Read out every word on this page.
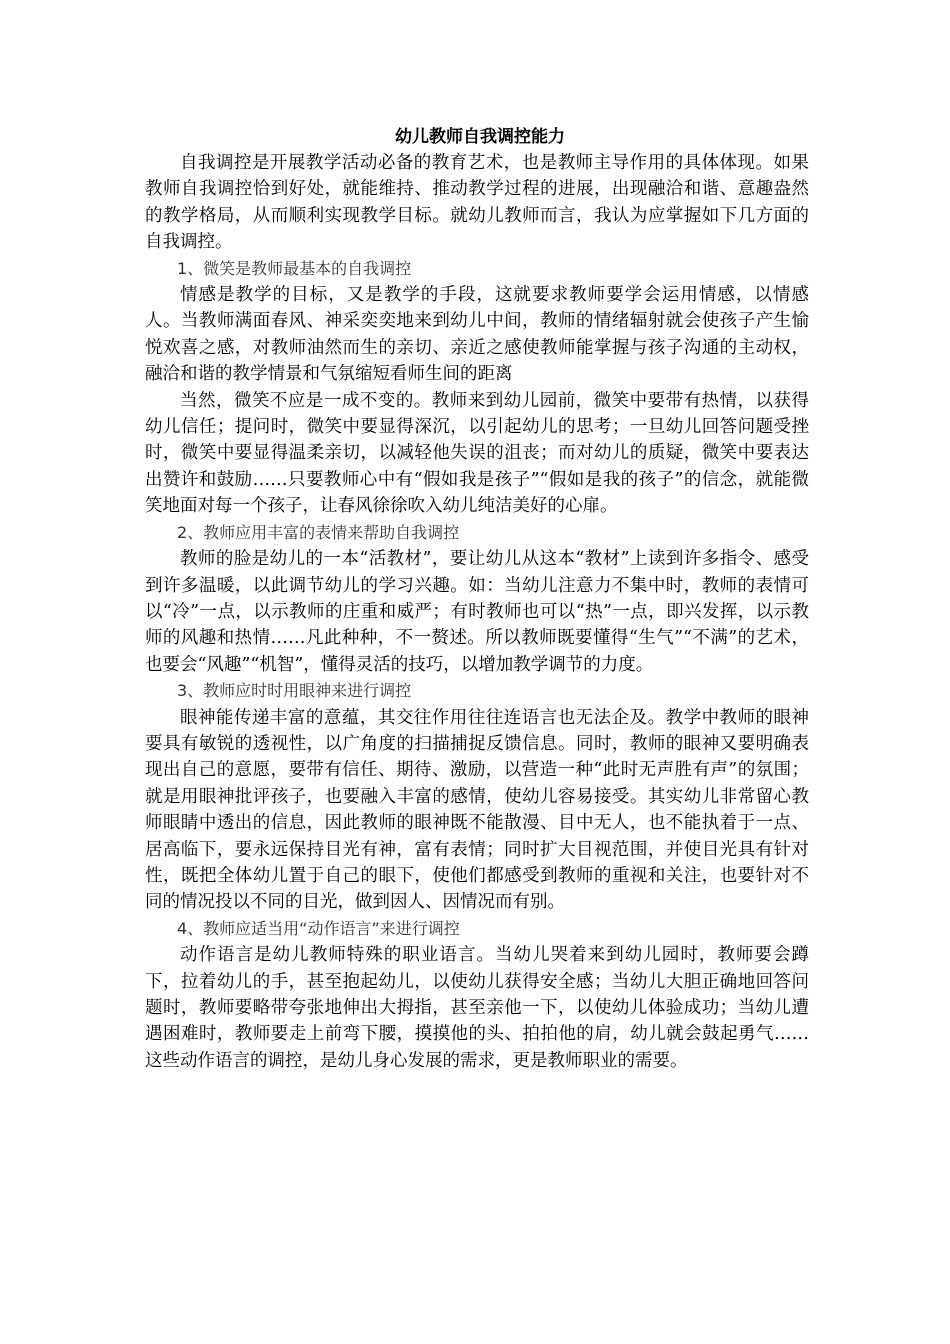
幼儿教师自我调控能力

自我调控是开展教学活动必备的教育艺术，也是教师主导作用的具体体现。如果教师自我调控恰到好处，就能维持、推动教学过程的进展，出现融洽和谐、意趣盎然的教学格局，从而顺利实现教学目标。就幼儿教师而言，我认为应掌握如下几方面的自我调控。

1、微笑是教师最基本的自我调控

情感是教学的目标，又是教学的手段，这就要求教师要学会运用情感，以情感人。当教师满面春风、神采奕奕地来到幼儿中间，教师的情绪辐射就会使孩子产生愉悦欢喜之感，对教师油然而生的亲切、亲近之感使教师能掌握与孩子沟通的主动权，融洽和谐的教学情景和气氛缩短看师生间的距离

当然，微笑不应是一成不变的。教师来到幼儿园前，微笑中要带有热情，以获得幼儿信任；提问时，微笑中要显得深沉，以引起幼儿的思考；一旦幼儿回答问题受挫时，微笑中要显得温柔亲切，以减轻他失误的沮丧；而对幼儿的质疑，微笑中要表达出赞许和鼓励……只要教师心中有“假如我是孩子”“假如是我的孩子”的信念，就能微笑地面对每一个孩子，让春风徐徐吹入幼儿纯洁美好的心扉。

2、教师应用丰富的表情来帮助自我调控

教师的脸是幼儿的一本“活教材”，要让幼儿从这本“教材”上读到许多指令、感受到许多温暖，以此调节幼儿的学习兴趣。如：当幼儿注意力不集中时，教师的表情可以“冷”一点，以示教师的庄重和威严；有时教师也可以“热”一点，即兴发挥，以示教师的风趣和热情……凡此种种，不一赘述。所以教师既要懂得“生气”“不满”的艺术，也要会“风趣”“机智”，懂得灵活的技巧，以增加教学调节的力度。

3、教师应时时用眼神来进行调控

眼神能传递丰富的意蕴，其交往作用往往连语言也无法企及。教学中教师的眼神要具有敏锐的透视性，以广角度的扫描捕捉反馈信息。同时，教师的眼神又要明确表现出自己的意愿，要带有信任、期待、激励，以营造一种“此时无声胜有声”的氛围；就是用眼神批评孩子，也要融入丰富的感情，使幼儿容易接受。其实幼儿非常留心教师眼睛中透出的信息，因此教师的眼神既不能散漫、目中无人，也不能执着于一点、居高临下，要永远保持目光有神，富有表情；同时扩大目视范围，并使目光具有针对性，既把全体幼儿置于自己的眼下，使他们都感受到教师的重视和关注，也要针对不同的情况投以不同的目光，做到因人、因情况而有别。

4、教师应适当用“动作语言”来进行调控

动作语言是幼儿教师特殊的职业语言。当幼儿哭着来到幼儿园时，教师要会蹲下，拉着幼儿的手，甚至抱起幼儿，以使幼儿获得安全感；当幼儿大胆正确地回答问题时，教师要略带夸张地伸出大拇指，甚至亲他一下，以使幼儿体验成功；当幼儿遭遇困难时，教师要走上前弯下腰，摸摸他的头、拍拍他的肩，幼儿就会鼓起勇气……这些动作语言的调控，是幼儿身心发展的需求，更是教师职业的需要。
